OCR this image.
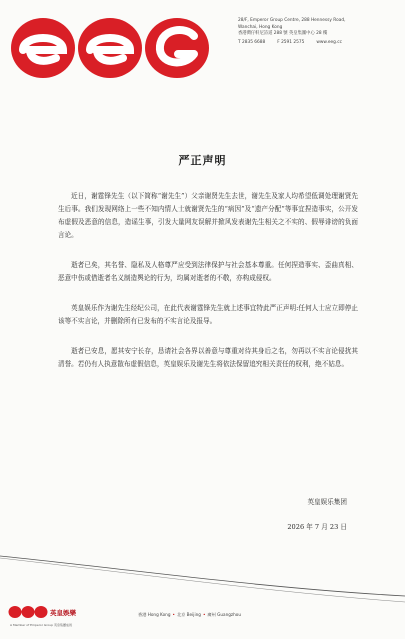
28/F, Emperor Group Centre, 288 Hennessy Road,
Wanchai, Hong Kong
香港灣仔軒尼詩道 288 號 英皇集團中心 28 樓
T 2835 6688	F 2591 2575	www.eeg.cc
严正声明

近日，谢霆锋先生（以下简称“谢先生”）父亲谢贤先生去世，谢先生及家人均希望低调处理谢贤先生后事。我们发现网络上一些不知内情人士就谢贤先生的“病因”及“遗产分配”等事宜捏造事实，公开发布虚假及恶意的信息，造谣生事，引发大量网友误解并掀风发表谢先生相关之不实的、假辱诽谤的负面言论。

逝者已矣，其名誉、隐私及人格尊严应受到法律保护与社会基本尊重。任何捏造事实、歪曲真相、恶意中伤或借逝者名义制造舆论的行为，均属对逝者的不敬，亦构成侵权。

英皇娱乐作为谢先生经纪公司，在此代表谢霆锋先生就上述事宜特此严正声明:任何人士应立即停止该等不实言论，并删除所有已发布的不实言论及报导。

逝者已安息，愿其安宁长存，恳请社会各界以善意与尊重对待其身后之名，勿再以不实言论侵扰其清誉。若仍有人执意散布虚假信息，英皇娱乐及谢先生将依法保留追究相关责任的权利，绝不姑息。

英皇娱乐集团
2026 年 7 月 23 日
英皇娛樂
A Member of Emperor Group 英皇集團成員
香港 Hong Kong • 北京 Beijing • 廣州 Guangzhou
